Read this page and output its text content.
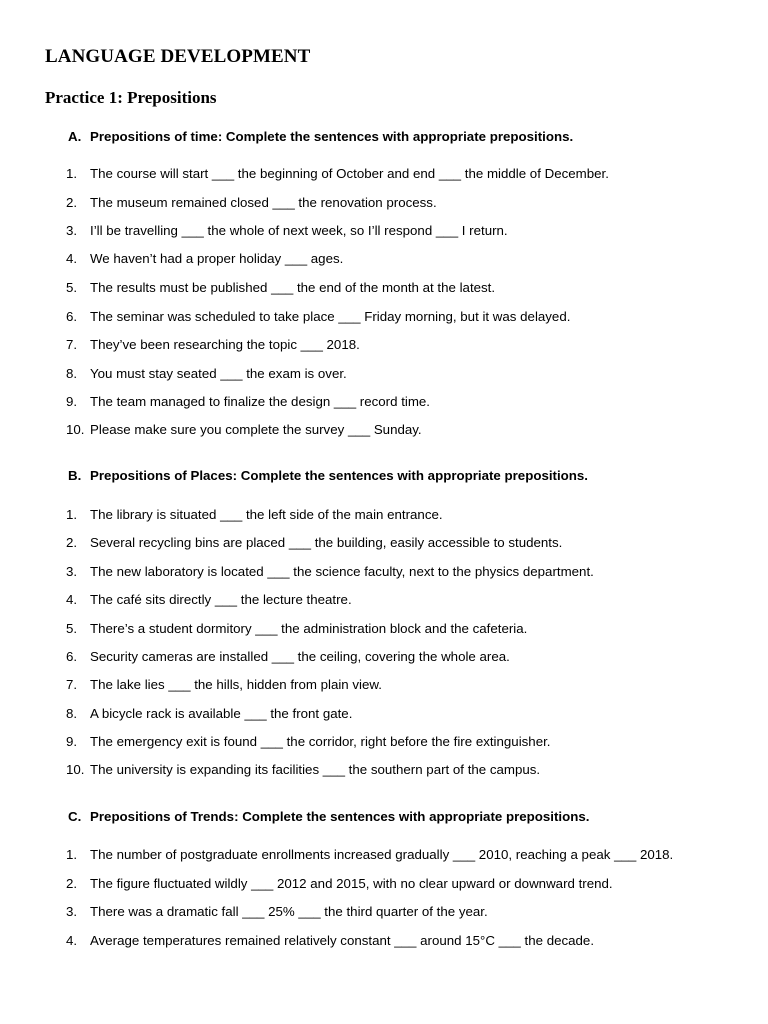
LANGUAGE DEVELOPMENT
Practice 1: Prepositions
A. Prepositions of time: Complete the sentences with appropriate prepositions.
1. The course will start ___ the beginning of October and end ___ the middle of December.
2. The museum remained closed ___ the renovation process.
3. I’ll be travelling ___ the whole of next week, so I’ll respond ___ I return.
4. We haven’t had a proper holiday ___ ages.
5. The results must be published ___ the end of the month at the latest.
6. The seminar was scheduled to take place ___ Friday morning, but it was delayed.
7. They’ve been researching the topic ___ 2018.
8. You must stay seated ___ the exam is over.
9. The team managed to finalize the design ___ record time.
10. Please make sure you complete the survey ___ Sunday.
B. Prepositions of Places: Complete the sentences with appropriate prepositions.
1. The library is situated ___ the left side of the main entrance.
2. Several recycling bins are placed ___ the building, easily accessible to students.
3. The new laboratory is located ___ the science faculty, next to the physics department.
4. The café sits directly ___ the lecture theatre.
5. There’s a student dormitory ___ the administration block and the cafeteria.
6. Security cameras are installed ___ the ceiling, covering the whole area.
7. The lake lies ___ the hills, hidden from plain view.
8. A bicycle rack is available ___ the front gate.
9. The emergency exit is found ___ the corridor, right before the fire extinguisher.
10. The university is expanding its facilities ___ the southern part of the campus.
C. Prepositions of Trends: Complete the sentences with appropriate prepositions.
1. The number of postgraduate enrollments increased gradually ___ 2010, reaching a peak ___ 2018.
2. The figure fluctuated wildly ___ 2012 and 2015, with no clear upward or downward trend.
3. There was a dramatic fall ___ 25% ___ the third quarter of the year.
4. Average temperatures remained relatively constant ___ around 15°C ___ the decade.
